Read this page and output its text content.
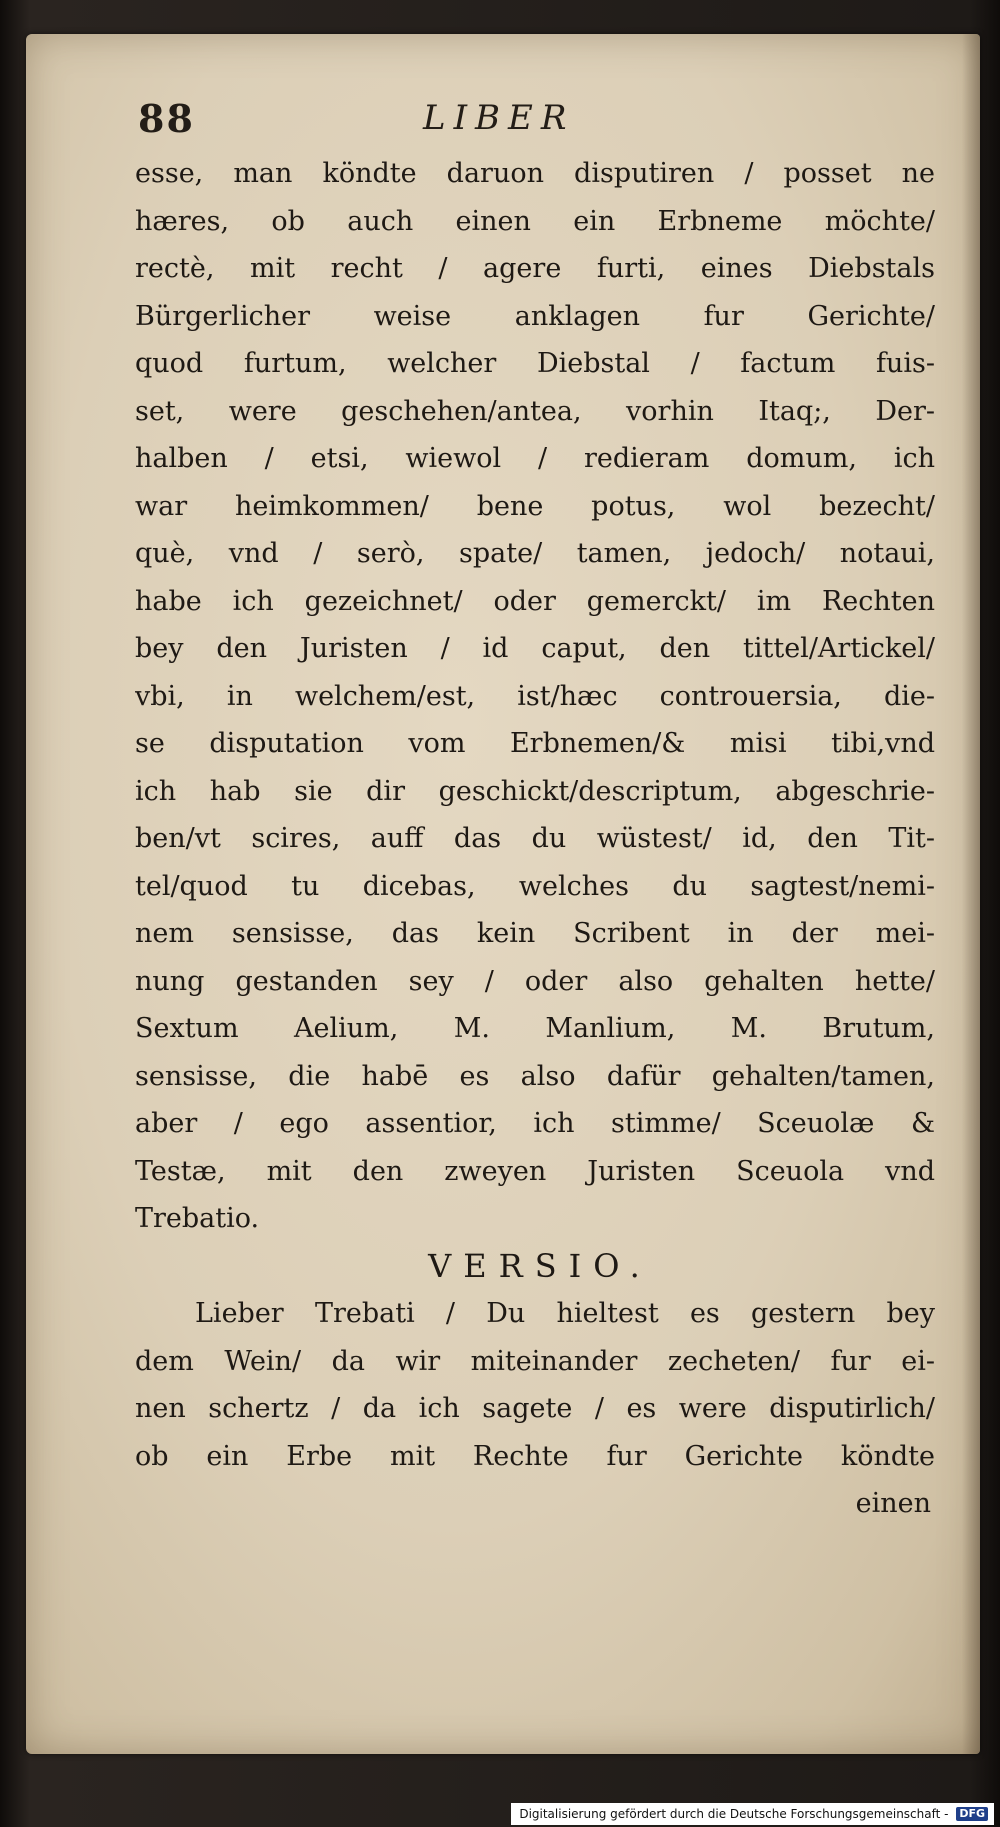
88	LIBER
esse, man köndte daruon disputiren / posset ne
hæres, ob auch einen ein Erbneme möchte/
rectè, mit recht / agere furti, eines Diebstals
Bürgerlicher weise anklagen fur Gerichte/
quod furtum, welcher Diebstal / factum fuis-
set, were geschehen/antea, vorhin Itaq;, Der-
halben / etsi, wiewol / redieram domum, ich
war heimkommen/ bene potus, wol bezecht/
què, vnd / serò, spate/ tamen, jedoch/ notaui,
habe ich gezeichnet/ oder gemerckt/ im Rechten
bey den Juristen / id caput, den tittel/Artickel/
vbi, in welchem/est, ist/hæc controuersia, die-
se disputation vom Erbnemen/& misi tibi,vnd
ich hab sie dir geschickt/descriptum, abgeschrie-
ben/vt scires, auff das du wüstest/ id, den Tit-
tel/quod tu dicebas, welches du sagtest/nemi-
nem sensisse, das kein Scribent in der mei-
nung gestanden sey / oder also gehalten hette/
Sextum Aelium, M. Manlium, M. Brutum,
sensisse, die habē es also dafür gehalten/tamen,
aber / ego assentior, ich stimme/ Sceuolæ &
Testæ, mit den zweyen Juristen Sceuola vnd
Trebatio.
VERSIO.
Lieber Trebati / Du hieltest es gestern bey
dem Wein/ da wir miteinander zecheten/ fur ei-
nen schertz / da ich sagete / es were disputirlich/
ob ein Erbe mit Rechte fur Gerichte köndte
einen
Digitalisierung gefördert durch die Deutsche Forschungsgemeinschaft - DFG
